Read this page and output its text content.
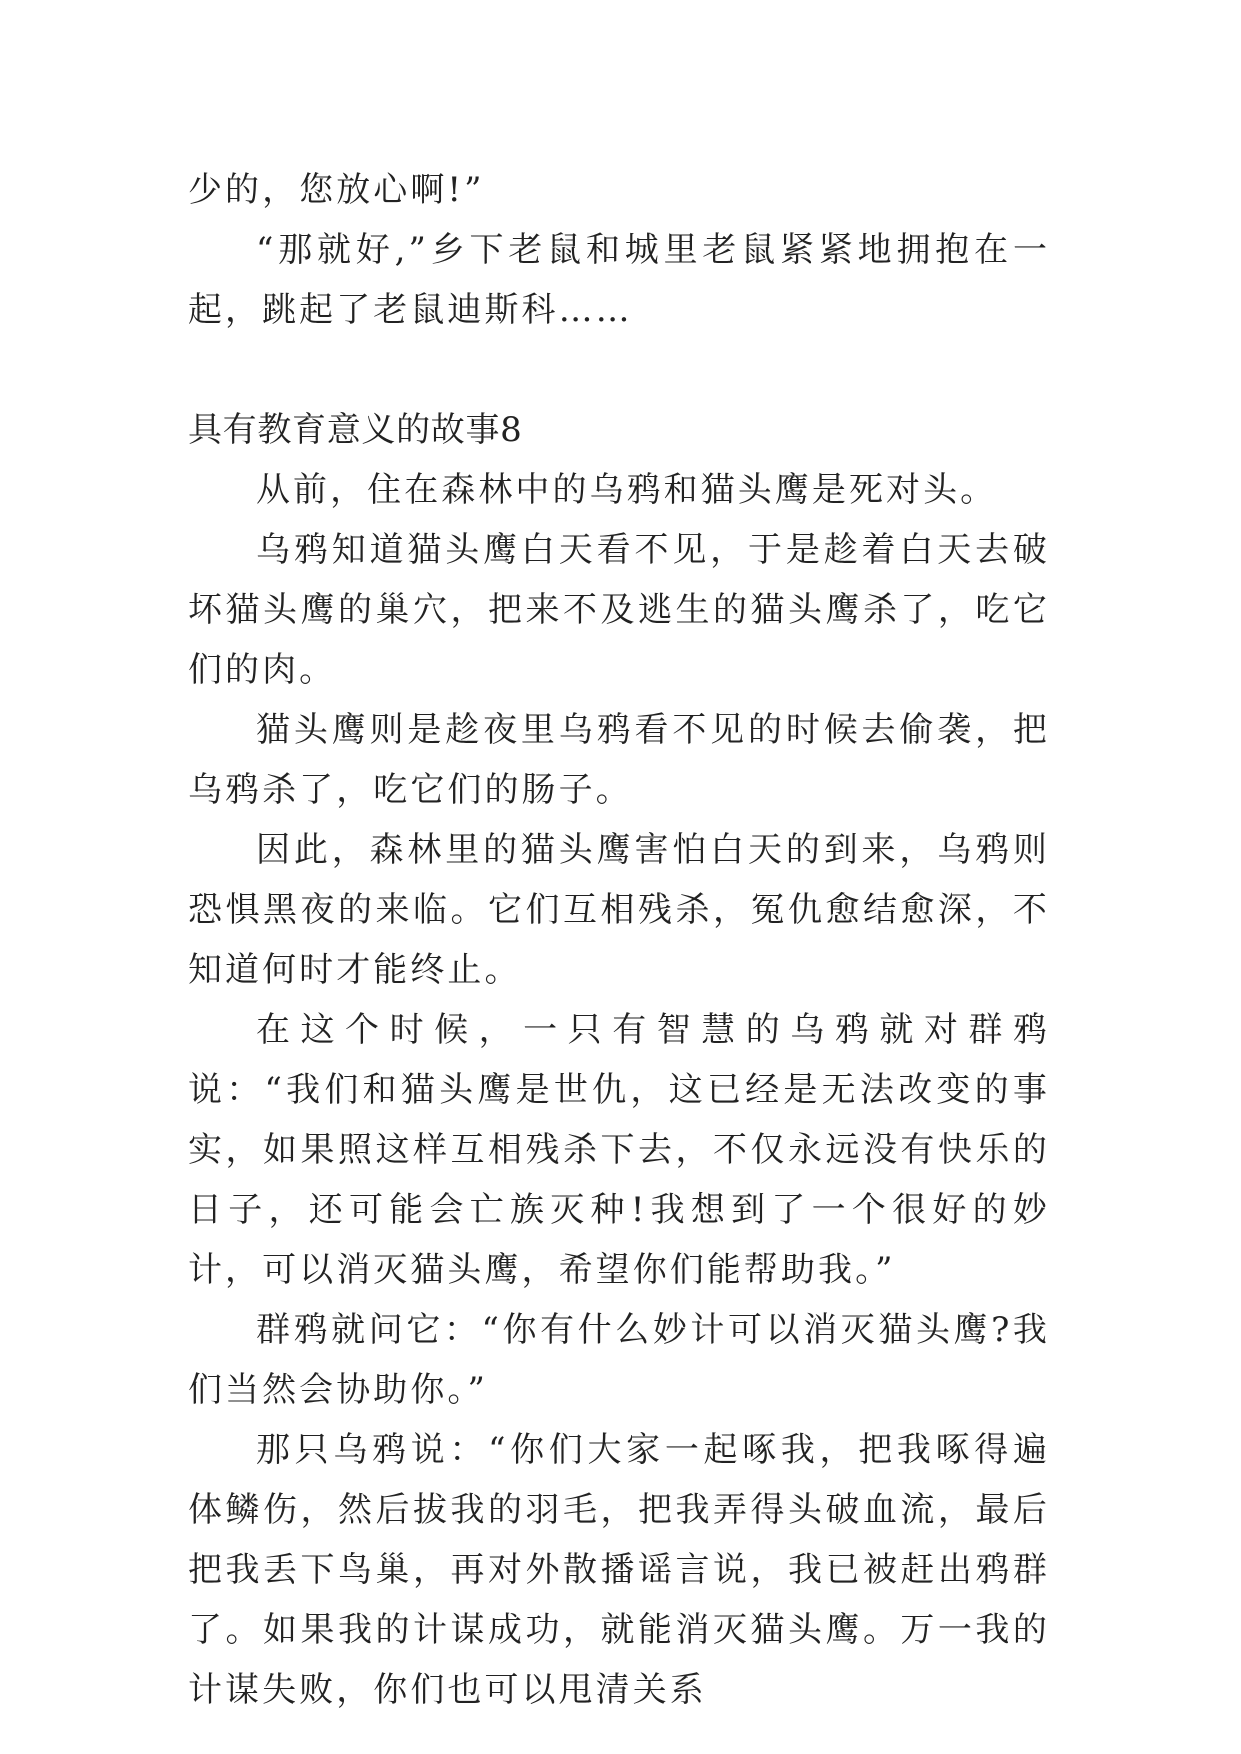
少的，您放心啊!”

“那就好,”乡下老鼠和城里老鼠紧紧地拥抱在一起，跳起了老鼠迪斯科……

具有教育意义的故事8

从前，住在森林中的乌鸦和猫头鹰是死对头。

乌鸦知道猫头鹰白天看不见，于是趁着白天去破坏猫头鹰的巢穴，把来不及逃生的猫头鹰杀了，吃它们的肉。

猫头鹰则是趁夜里乌鸦看不见的时候去偷袭，把乌鸦杀了，吃它们的肠子。

因此，森林里的猫头鹰害怕白天的到来，乌鸦则恐惧黑夜的来临。它们互相残杀，冤仇愈结愈深，不知道何时才能终止。

在这个时候，一只有智慧的乌鸦就对群鸦说：“我们和猫头鹰是世仇，这已经是无法改变的事实，如果照这样互相残杀下去，不仅永远没有快乐的日子，还可能会亡族灭种!我想到了一个很好的妙计，可以消灭猫头鹰，希望你们能帮助我。”

群鸦就问它：“你有什么妙计可以消灭猫头鹰?我们当然会协助你。”

那只乌鸦说：“你们大家一起啄我，把我啄得遍体鳞伤，然后拔我的羽毛，把我弄得头破血流，最后把我丢下鸟巢，再对外散播谣言说，我已被赶出鸦群了。如果我的计谋成功，就能消灭猫头鹰。万一我的计谋失败，你们也可以甩清关系
